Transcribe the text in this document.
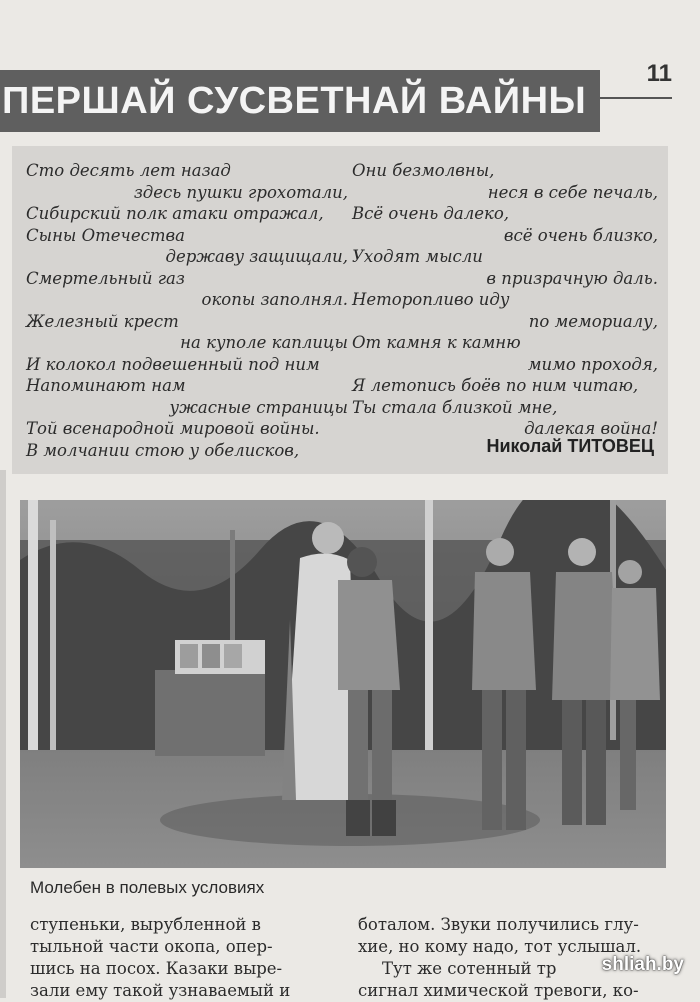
ПЕРШАЙ СУСВЕТНАЙ ВАЙНЫ
11
Сто десять лет назад
здесь пушки грохотали,
Сибирский полк атаки отражал,
Сыны Отечества
державу защищали,
Смертельный газ
окопы заполнял.
Железный крест
на куполе каплицы
И колокол подвешенный под ним
Напоминают нам
ужасные страницы
Той всенародной мировой войны.
В молчании стою у обелисков,
Они безмолвны,
неся в себе печаль,
Всё очень далеко,
всё очень близко,
Уходят мысли
в призрачную даль.
Неторопливо иду
по мемориалу,
От камня к камню
мимо проходя,
Я летопись боёв по ним читаю,
Ты стала близкой мне,
далекая война!
Николай ТИТОВЕЦ
Молебен в полевых условиях
ступеньки, вырубленной в
тыльной части окопа, опер-
шись на посох. Казаки выре-
зали ему такой узнаваемый и
боталом. Звуки получились глу-
хие, но кому надо, тот услышал.
Тут же сотенный тр
сигнал химической тревоги, ко-
shliah.by
